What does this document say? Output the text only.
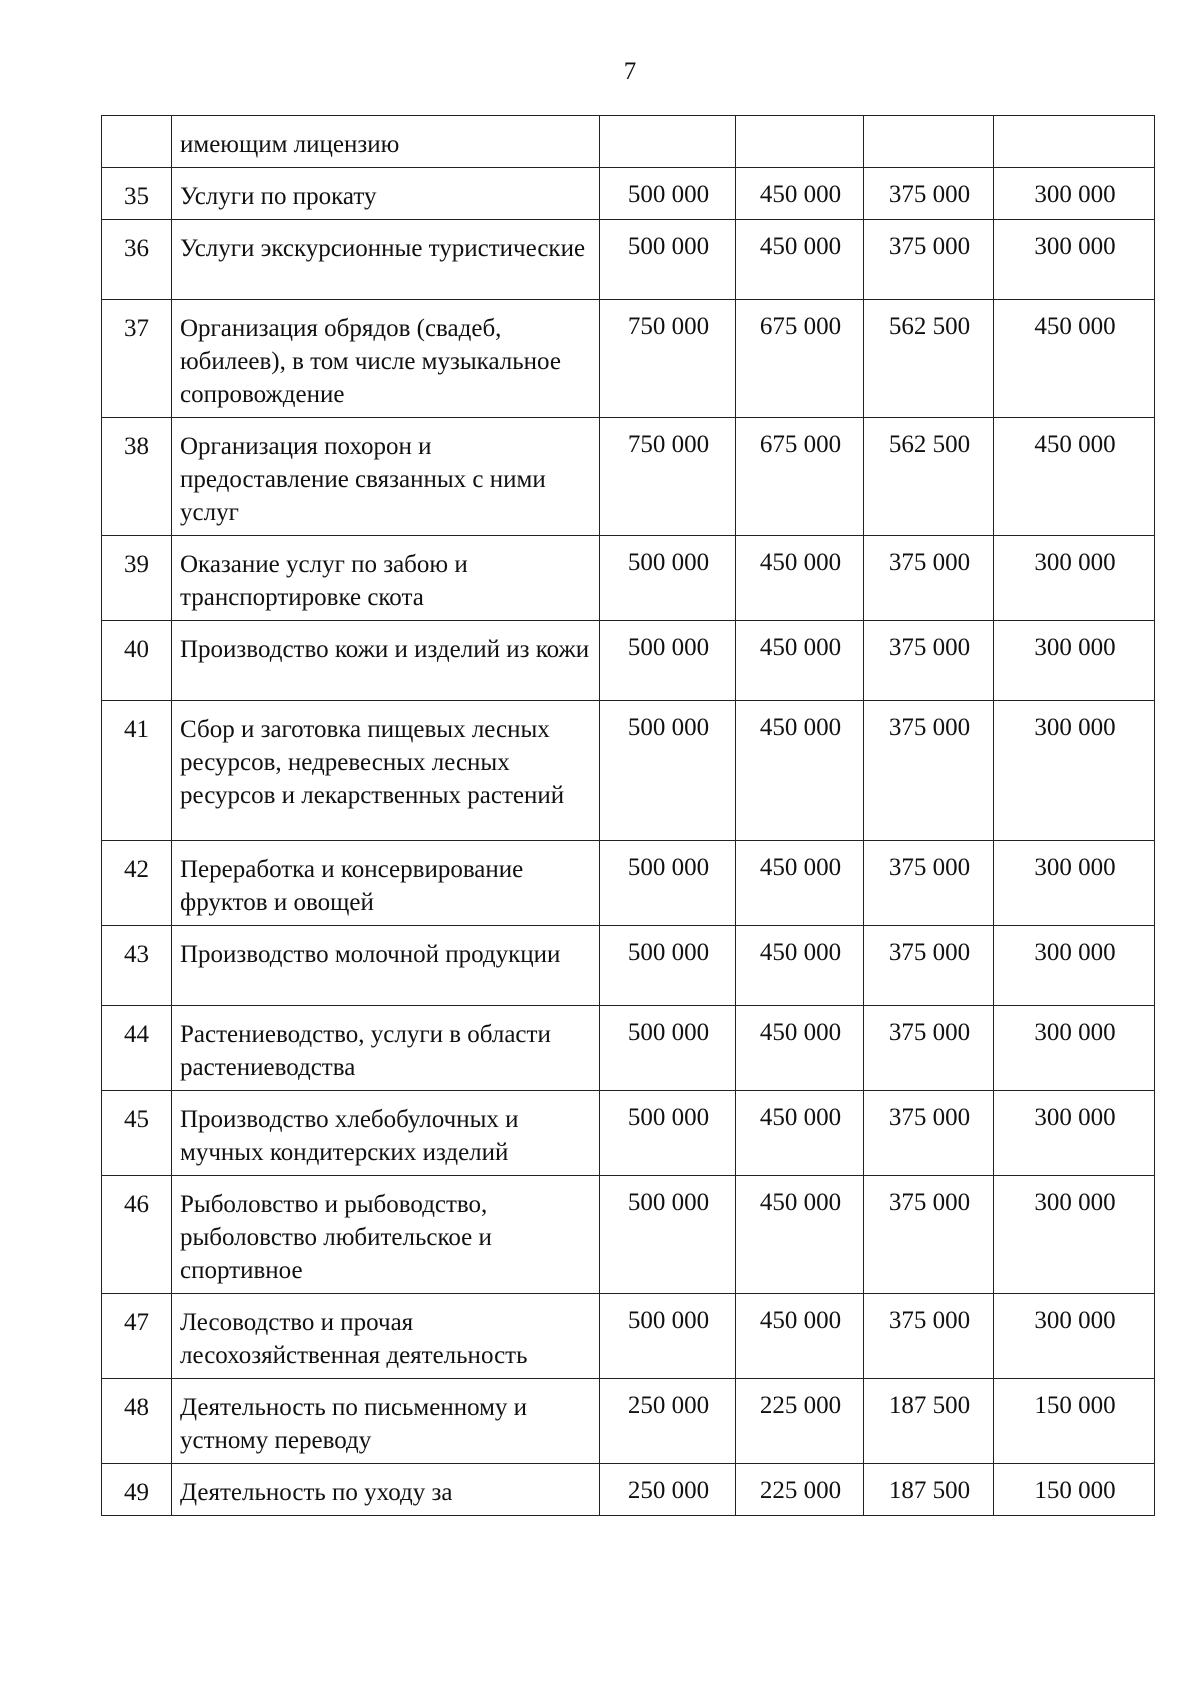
7
	имеющим лицензию				
35	Услуги по прокату	500 000	450 000	375 000	300 000
36	Услуги экскурсионные туристические	500 000	450 000	375 000	300 000
37	Организация обрядов (свадеб, юбилеев), в том числе музыкальное сопровождение	750 000	675 000	562 500	450 000
38	Организация похорон и предоставление связанных с ними услуг	750 000	675 000	562 500	450 000
39	Оказание услуг по забою и транспортировке скота	500 000	450 000	375 000	300 000
40	Производство кожи и изделий из кожи	500 000	450 000	375 000	300 000
41	Сбор и заготовка пищевых лесных ресурсов, недревесных лесных ресурсов и лекарственных растений	500 000	450 000	375 000	300 000
42	Переработка и консервирование фруктов и овощей	500 000	450 000	375 000	300 000
43	Производство молочной продукции	500 000	450 000	375 000	300 000
44	Растениеводство, услуги в области растениеводства	500 000	450 000	375 000	300 000
45	Производство хлебобулочных и мучных кондитерских изделий	500 000	450 000	375 000	300 000
46	Рыболовство и рыбоводство, рыболовство любительское и спортивное	500 000	450 000	375 000	300 000
47	Лесоводство и прочая лесохозяйственная деятельность	500 000	450 000	375 000	300 000
48	Деятельность по письменному и устному переводу	250 000	225 000	187 500	150 000
49	Деятельность по уходу за	250 000	225 000	187 500	150 000
